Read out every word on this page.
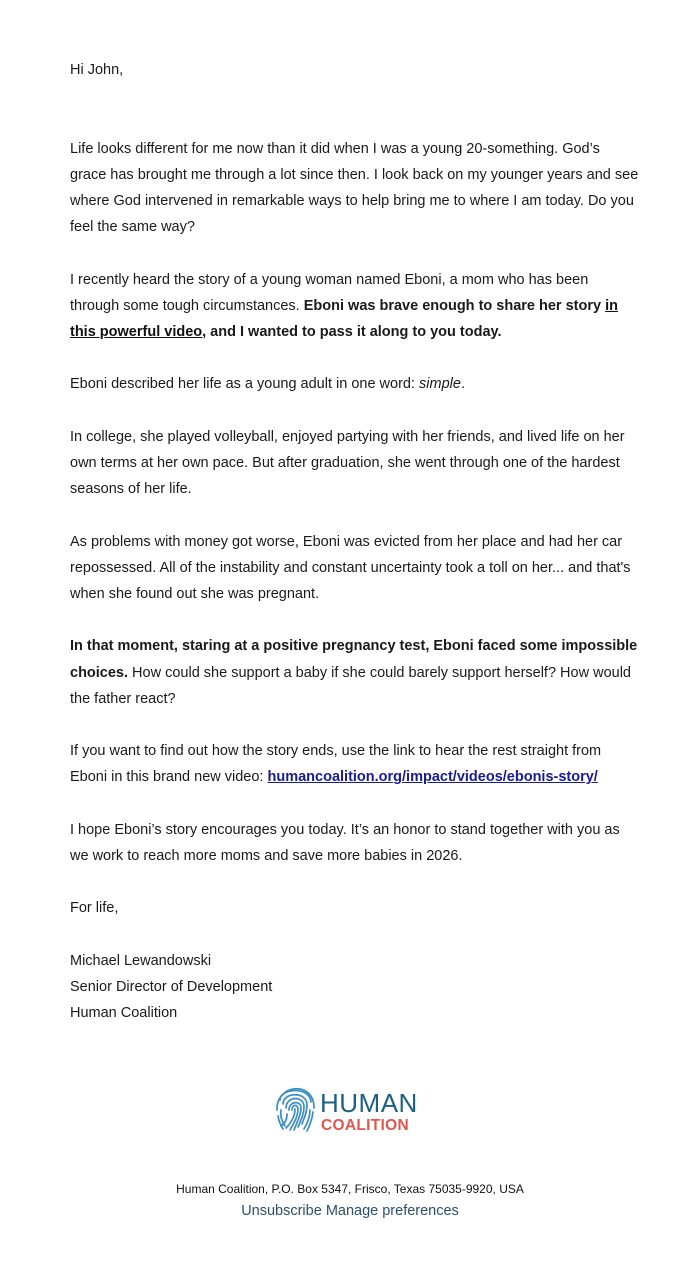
Hi John,

Life looks different for me now than it did when I was a young 20-something. God’s grace has brought me through a lot since then. I look back on my younger years and see where God intervened in remarkable ways to help bring me to where I am today. Do you feel the same way?

I recently heard the story of a young woman named Eboni, a mom who has been through some tough circumstances. Eboni was brave enough to share her story in this powerful video, and I wanted to pass it along to you today.

Eboni described her life as a young adult in one word: simple.

In college, she played volleyball, enjoyed partying with her friends, and lived life on her own terms at her own pace. But after graduation, she went through one of the hardest seasons of her life.

As problems with money got worse, Eboni was evicted from her place and had her car repossessed. All of the instability and constant uncertainty took a toll on her... and that's when she found out she was pregnant.

In that moment, staring at a positive pregnancy test, Eboni faced some impossible choices. How could she support a baby if she could barely support herself? How would the father react?

If you want to find out how the story ends, use the link to hear the rest straight from Eboni in this brand new video: humancoalition.org/impact/videos/ebonis-story/

I hope Eboni’s story encourages you today. It’s an honor to stand together with you as we work to reach more moms and save more babies in 2026.

For life,

Michael Lewandowski
Senior Director of Development
Human Coalition
HUMAN
COALITION
Human Coalition, P.O. Box 5347, Frisco, Texas 75035-9920, USA
Unsubscribe Manage preferences
